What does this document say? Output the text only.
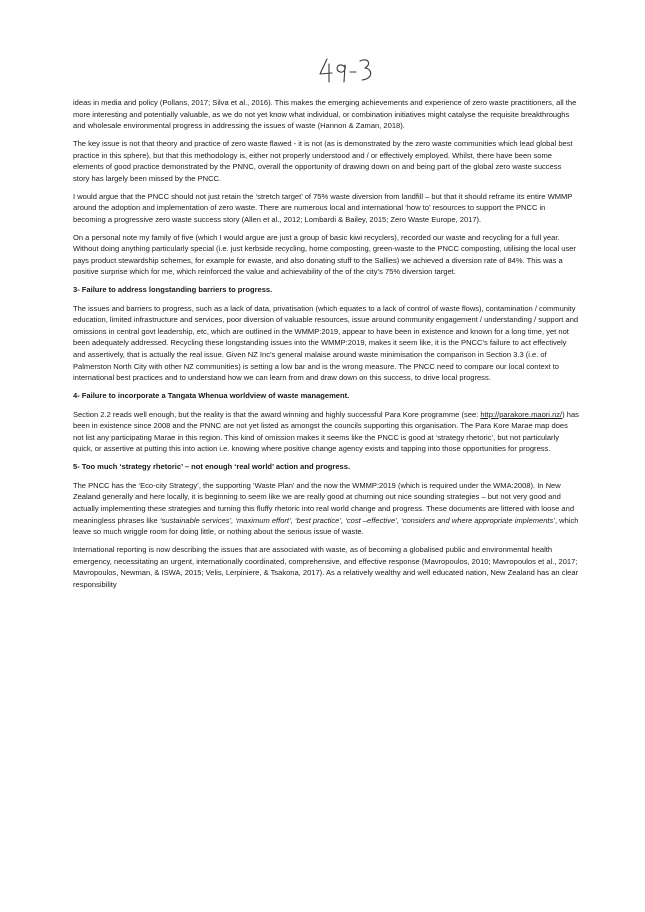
ideas in media and policy (Pollans, 2017; Silva et al., 2016). This makes the emerging achievements and experience of zero waste practitioners, all the more interesting and potentially valuable, as we do not yet know what individual, or combination initiatives might catalyse the requisite breakthroughs and wholesale environmental progress in addressing the issues of waste (Hannon & Zaman, 2018).

The key issue is not that theory and practice of zero waste flawed - it is not (as is demonstrated by the zero waste communities which lead global best practice in this sphere), but that this methodology is, either not properly understood and / or effectively employed. Whilst, there have been some elements of good practice demonstrated by the PNNC, overall the opportunity of drawing down on and being part of the global zero waste success story has largely been missed by the PNCC.

I would argue that the PNCC should not just retain the ‘stretch target’ of 75% waste diversion from landfill – but that it should reframe its entire WMMP around the adoption and implementation of zero waste. There are numerous local and international ‘how to’ resources to support the PNCC in becoming a progressive zero waste success story (Allen et al., 2012; Lombardi & Bailey, 2015; Zero Waste Europe, 2017).

On a personal note my family of five (which I would argue are just a group of basic kiwi recyclers), recorded our waste and recycling for a full year. Without doing anything particularly special (i.e. just kerbside recycling, home composting, green-waste to the PNCC composting, utilising the local user pays product stewardship schemes, for example for ewaste, and also donating stuff to the Sallies) we achieved a diversion rate of 84%. This was a positive surprise which for me, which reinforced the value and achievability of the of the city’s 75% diversion target.

3- Failure to address longstanding barriers to progress.

The issues and barriers to progress, such as a lack of data, privatisation (which equates to a lack of control of waste flows), contamination / community education, limited infrastructure and services, poor diversion of valuable resources, issue around community engagement / understanding / support and omissions in central govt leadership, etc, which are outlined in the WMMP:2019, appear to have been in existence and known for a long time, yet not been adequately addressed. Recycling these longstanding issues into the WMMP:2019, makes it seem like, it is the PNCC’s failure to act effectively and assertively, that is actually the real issue. Given NZ Inc’s general malaise around waste minimisation the comparison in Section 3.3 (i.e. of Palmerston North City with other NZ communities) is setting a low bar and is the wrong measure. The PNCC need to compare our local context to international best practices and to understand how we can learn from and draw down on this success, to drive local progress.

4- Failure to incorporate a Tangata Whenua worldview of waste management.

Section 2.2 reads well enough, but the reality is that the award winning and highly successful Para Kore programme (see: http://parakore.maori.nz/) has been in existence since 2008 and the PNNC are not yet listed as amongst the councils supporting this organisation. The Para Kore Marae map does not list any participating Marae in this region. This kind of omission makes it seems like the PNCC is good at ‘strategy rhetoric’, but not particularly quick, or assertive at putting this into action i.e. knowing where positive change agency exists and tapping into those opportunities for progress.

5- Too much ‘strategy rhetoric’ – not enough ‘real world’ action and progress.

The PNCC has the ‘Eco-city Strategy’, the supporting ‘Waste Plan’ and the now the WMMP:2019 (which is required under the WMA:2008). In New Zealand generally and here locally, it is beginning to seem like we are really good at churning out nice sounding strategies – but not very good and actually implementing these strategies and turning this fluffy rhetoric into real world change and progress. These documents are littered with loose and meaningless phrases like ‘sustainable services’, ‘maximum effort’, ‘best practice’, ‘cost –effective’, ‘considers and where appropriate implements’, which leave so much wriggle room for doing little, or nothing about the serious issue of waste.

International reporting is now describing the issues that are associated with waste, as of becoming a globalised public and environmental health emergency, necessitating an urgent, internationally coordinated, comprehensive, and effective response (Mavropoulos, 2010; Mavropoulos et al., 2017; Mavropoulos, Newman, & ISWA, 2015; Velis, Lerpiniere, & Tsakona, 2017). As a relatively wealthy and well educated nation, New Zealand has an clear responsibility
